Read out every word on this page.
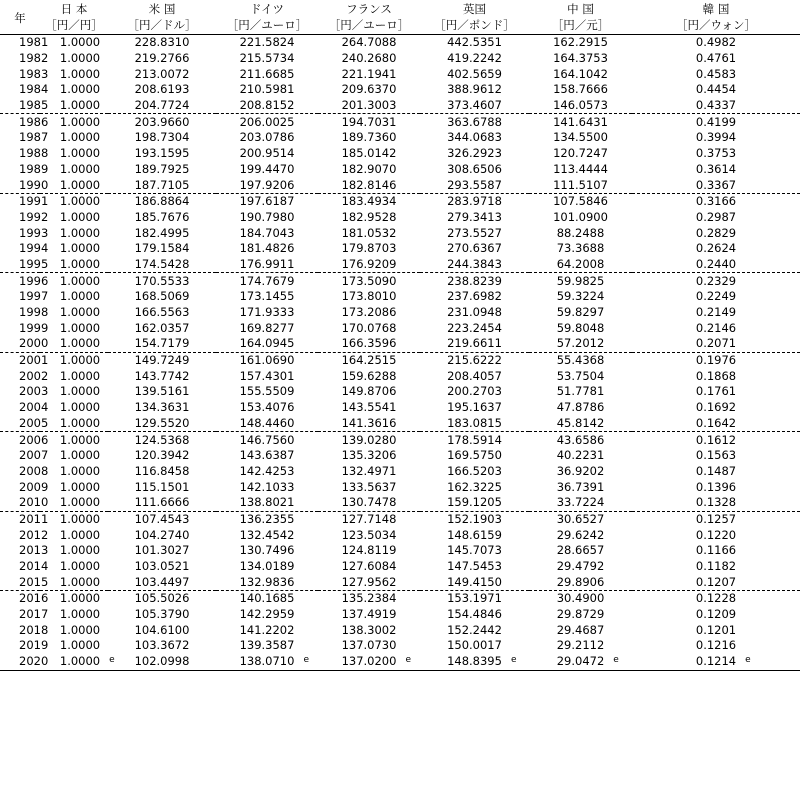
年	日 本	米 国	ドイツ	フランス	英国	中 国	韓 国
	［円／円］	［円／ドル］	［円／ユーロ］	［円／ユーロ］	［円／ポンド］	［円／元］	［円／ウォン］
1981	1.0000	228.8310	221.5824	264.7088	442.5351	162.2915	0.4982
1982	1.0000	219.2766	215.5734	240.2680	419.2242	164.3753	0.4761
1983	1.0000	213.0072	211.6685	221.1941	402.5659	164.1042	0.4583
1984	1.0000	208.6193	210.5981	209.6370	388.9612	158.7666	0.4454
1985	1.0000	204.7724	208.8152	201.3003	373.4607	146.0573	0.4337
1986	1.0000	203.9660	206.0025	194.7031	363.6788	141.6431	0.4199
1987	1.0000	198.7304	203.0786	189.7360	344.0683	134.5500	0.3994
1988	1.0000	193.1595	200.9514	185.0142	326.2923	120.7247	0.3753
1989	1.0000	189.7925	199.4470	182.9070	308.6506	113.4444	0.3614
1990	1.0000	187.7105	197.9206	182.8146	293.5587	111.5107	0.3367
1991	1.0000	186.8864	197.6187	183.4934	283.9718	107.5846	0.3166
1992	1.0000	185.7676	190.7980	182.9528	279.3413	101.0900	0.2987
1993	1.0000	182.4995	184.7043	181.0532	273.5527	88.2488	0.2829
1994	1.0000	179.1584	181.4826	179.8703	270.6367	73.3688	0.2624
1995	1.0000	174.5428	176.9911	176.9209	244.3843	64.2008	0.2440
1996	1.0000	170.5533	174.7679	173.5090	238.8239	59.9825	0.2329
1997	1.0000	168.5069	173.1455	173.8010	237.6982	59.3224	0.2249
1998	1.0000	166.5563	171.9333	173.2086	231.0948	59.8297	0.2149
1999	1.0000	162.0357	169.8277	170.0768	223.2454	59.8048	0.2146
2000	1.0000	154.7179	164.0945	166.3596	219.6611	57.2012	0.2071
2001	1.0000	149.7249	161.0690	164.2515	215.6222	55.4368	0.1976
2002	1.0000	143.7742	157.4301	159.6288	208.4057	53.7504	0.1868
2003	1.0000	139.5161	155.5509	149.8706	200.2703	51.7781	0.1761
2004	1.0000	134.3631	153.4076	143.5541	195.1637	47.8786	0.1692
2005	1.0000	129.5520	148.4460	141.3616	183.0815	45.8142	0.1642
2006	1.0000	124.5368	146.7560	139.0280	178.5914	43.6586	0.1612
2007	1.0000	120.3942	143.6387	135.3206	169.5750	40.2231	0.1563
2008	1.0000	116.8458	142.4253	132.4971	166.5203	36.9202	0.1487
2009	1.0000	115.1501	142.1033	133.5637	162.3225	36.7391	0.1396
2010	1.0000	111.6666	138.8021	130.7478	159.1205	33.7224	0.1328
2011	1.0000	107.4543	136.2355	127.7148	152.1903	30.6527	0.1257
2012	1.0000	104.2740	132.4542	123.5034	148.6159	29.6242	0.1220
2013	1.0000	101.3027	130.7496	124.8119	145.7073	28.6657	0.1166
2014	1.0000	103.0521	134.0189	127.6084	147.5453	29.4792	0.1182
2015	1.0000	103.4497	132.9836	127.9562	149.4150	29.8906	0.1207
2016	1.0000	105.5026	140.1685	135.2384	153.1971	30.4900	0.1228
2017	1.0000	105.3790	142.2959	137.4919	154.4846	29.8729	0.1209
2018	1.0000	104.6100	141.2202	138.3002	152.2442	29.4687	0.1201
2019	1.0000	103.3672	139.3587	137.0730	150.0017	29.2112	0.1216
2020	1.0000 e	102.0998	138.0710 e	137.0200 e	148.8395 e	29.0472 e	0.1214 e
